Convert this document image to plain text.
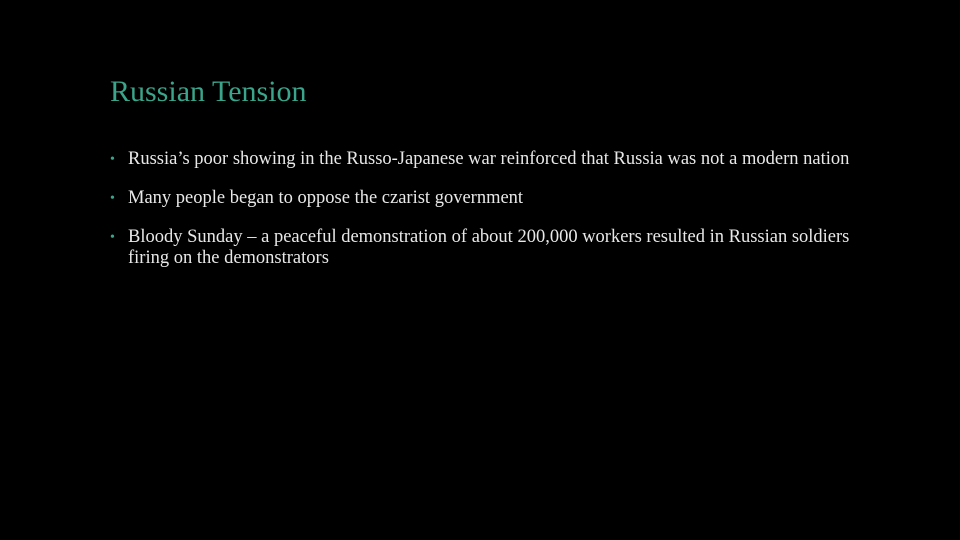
Russian Tension
• Russia’s poor showing in the Russo-Japanese war reinforced that Russia was not a modern nation
• Many people began to oppose the czarist government
• Bloody Sunday – a peaceful demonstration of about 200,000 workers resulted in Russian soldiers firing on the demonstrators
